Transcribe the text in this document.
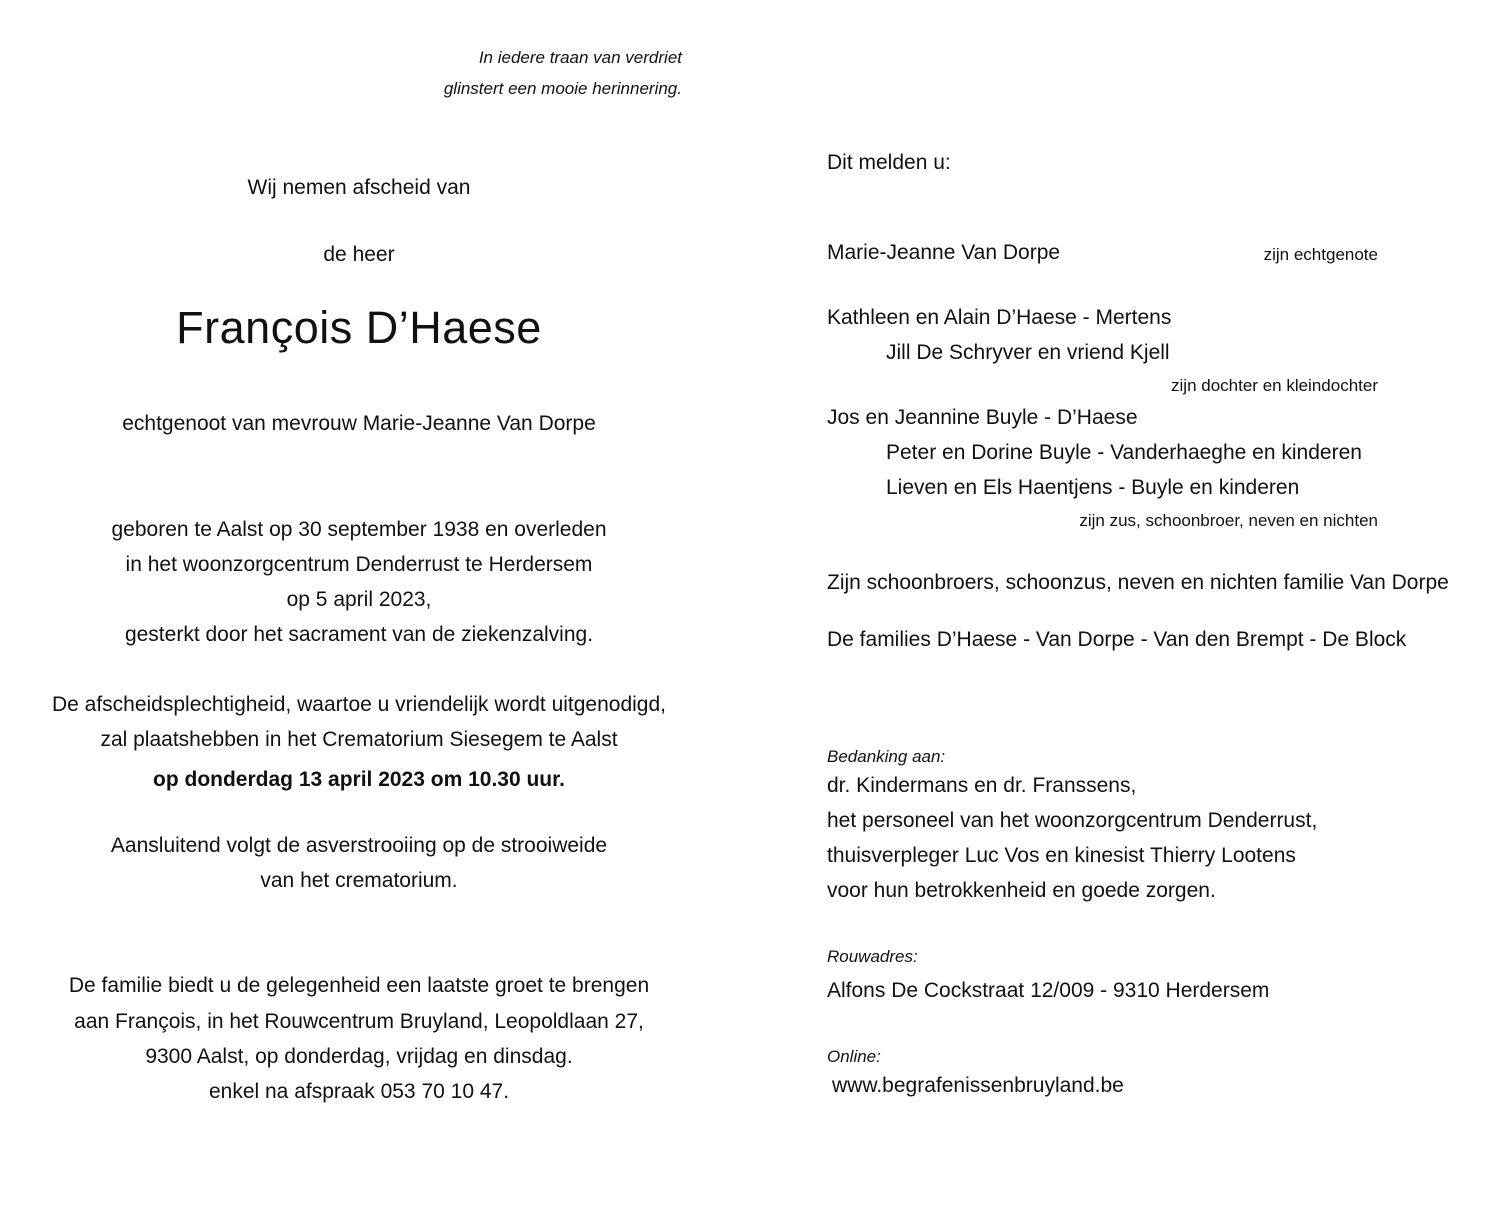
In iedere traan van verdriet
glinstert een mooie herinnering.
Wij nemen afscheid van
de heer
François D’Haese
echtgenoot van mevrouw Marie-Jeanne Van Dorpe
geboren te Aalst op 30 september 1938 en overleden
in het woonzorgcentrum Denderrust te Herdersem
op 5 april 2023,
gesterkt door het sacrament van de ziekenzalving.
De afscheidsplechtigheid, waartoe u vriendelijk wordt uitgenodigd,
zal plaatshebben in het Crematorium Siesegem te Aalst
op donderdag 13 april 2023 om 10.30 uur.
Aansluitend volgt de asverstrooiing op de strooiweide
van het crematorium.
De familie biedt u de gelegenheid een laatste groet te brengen
aan François, in het Rouwcentrum Bruyland, Leopoldlaan 27,
9300 Aalst, op donderdag, vrijdag en dinsdag.
enkel na afspraak 053 70 10 47.
Dit melden u:
Marie-Jeanne Van Dorpe	zijn echtgenote
Kathleen en Alain D’Haese - Mertens
Jill De Schryver en vriend Kjell
zijn dochter en kleindochter
Jos en Jeannine Buyle - D’Haese
Peter en Dorine Buyle - Vanderhaeghe en kinderen
Lieven en Els Haentjens - Buyle en kinderen
zijn zus, schoonbroer, neven en nichten
Zijn schoonbroers, schoonzus, neven en nichten familie Van Dorpe
De families D’Haese - Van Dorpe - Van den Brempt - De Block
Bedanking aan:
dr. Kindermans en dr. Franssens,
het personeel van het woonzorgcentrum Denderrust,
thuisverpleger Luc Vos en kinesist Thierry Lootens
voor hun betrokkenheid en goede zorgen.
Rouwadres:
Alfons De Cockstraat 12/009 - 9310 Herdersem
Online:
www.begrafenissenbruyland.be
